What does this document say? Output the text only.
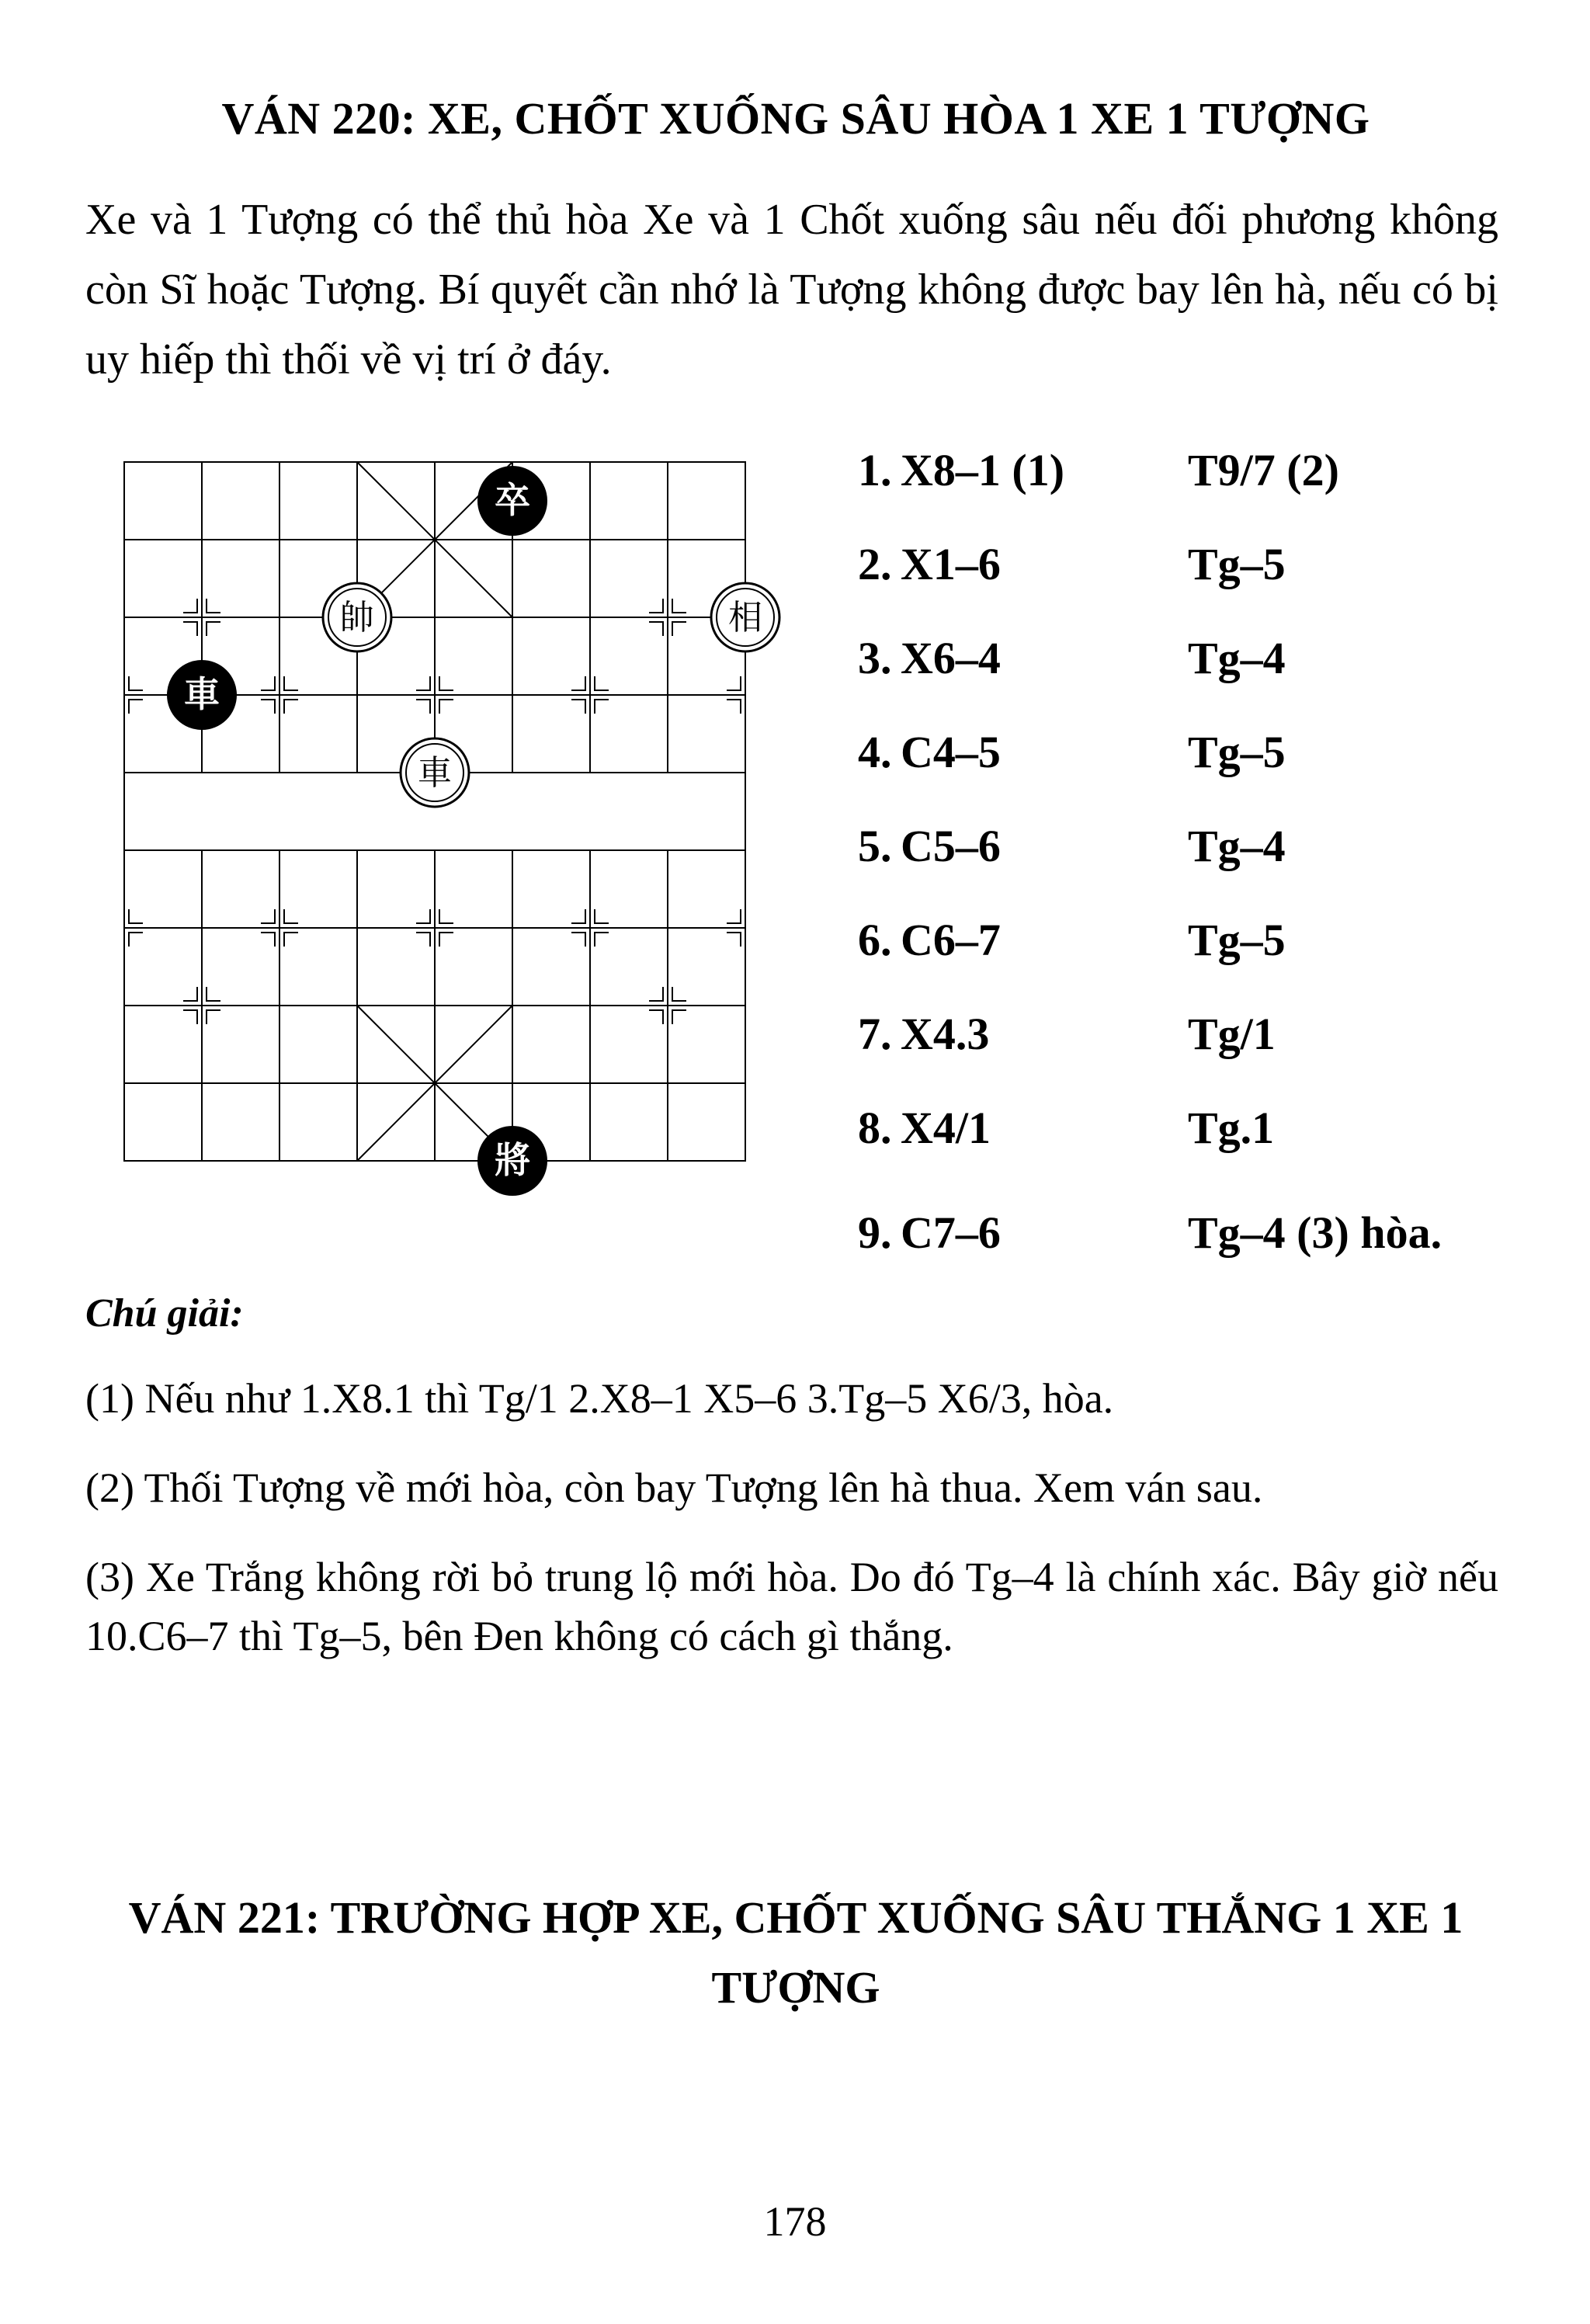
VÁN 220: XE, CHỐT XUỐNG SÂU HÒA 1 XE 1 TƯỢNG
Xe và 1 Tượng có thể thủ hòa Xe và 1 Chốt xuống sâu nếu đối phương không còn Sĩ hoặc Tượng. Bí quyết cần nhớ là Tượng không được bay lên hà, nếu có bị uy hiếp thì thối về vị trí ở đáy.
卒
帥	相
車
車
將
1. X8–1 (1)	T9/7 (2)
2. X1–6	Tg–5
3. X6–4	Tg–4
4. C4–5	Tg–5
5. C5–6	Tg–4
6. C6–7	Tg–5
7. X4.3	Tg/1
8. X4/1	Tg.1
9. C7–6	Tg–4 (3) hòa.
Chú giải:
(1) Nếu như 1.X8.1 thì Tg/1 2.X8–1 X5–6 3.Tg–5 X6/3, hòa.
(2) Thối Tượng về mới hòa, còn bay Tượng lên hà thua. Xem ván sau.
(3) Xe Trắng không rời bỏ trung lộ mới hòa. Do đó Tg–4 là chính xác. Bây giờ nếu 10.C6–7 thì Tg–5, bên Đen không có cách gì thắng.
VÁN 221: TRƯỜNG HỢP XE, CHỐT XUỐNG SÂU THẮNG 1 XE 1 TƯỢNG
178
